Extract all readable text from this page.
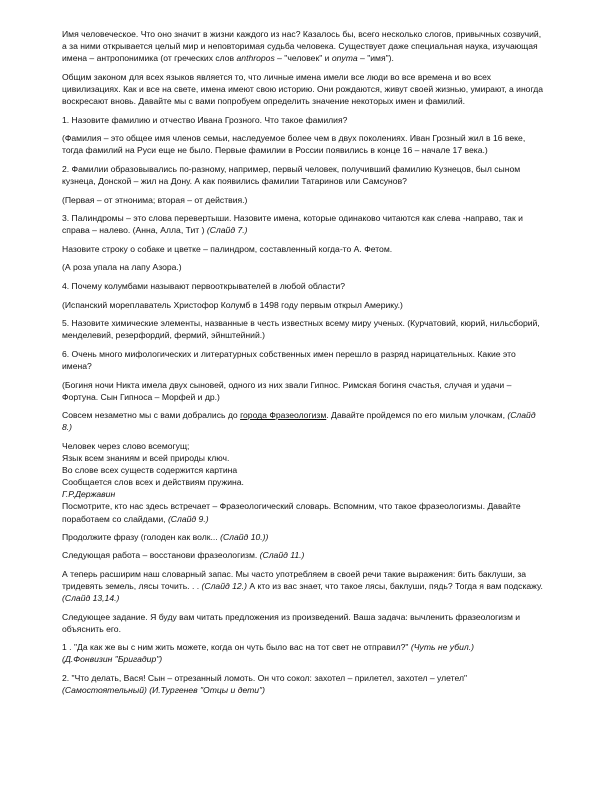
Имя человеческое. Что оно значит в жизни каждого из нас? Казалось бы, всего несколько слогов, привычных созвучий, а за ними открывается целый мир и неповторимая судьба человека. Существует даже специальная наука, изучающая имена – антропонимика (от греческих слов anthropos – "человек" и onyma – "имя").

Общим законом для всех языков является то, что личные имена имели все люди во все времена и во всех цивилизациях. Как и все на свете, имена имеют свою историю. Они рождаются, живут своей жизнью, умирают, а иногда воскресают вновь. Давайте мы с вами попробуем определить значение некоторых имен и фамилий.

1. Назовите фамилию и отчество Ивана Грозного. Что такое фамилия?

(Фамилия – это общее имя членов семьи, наследуемое более чем в двух поколениях. Иван Грозный жил в 16 веке, тогда фамилий на Руси еще не было. Первые фамилии в России появились в конце 16 – начале 17 века.)

2. Фамилии образовывались по-разному, например, первый человек, получивший фамилию Кузнецов, был сыном кузнеца, Донской – жил на Дону. А как появились фамилии Татаринов или Самсунов?

(Первая – от этнонима; вторая – от действия.)

3. Палиндромы – это слова перевертыши. Назовите имена, которые одинаково читаются как слева -направо, так и справа – налево. (Анна, Алла, Тит ) (Слайд 7.)

Назовите строку о собаке и цветке – палиндром, составленный когда-то А. Фетом.

(А роза упала на лапу Азора.)

4. Почему колумбами называют первооткрывателей в любой области?

(Испанский мореплаватель Христофор Колумб в 1498 году первым открыл Америку.)

5. Назовите химические элементы, названные в честь известных всему миру ученых. (Курчатовий, кюрий, нильсборий, менделевий, резерфордий, фермий, эйнштейний.)

6. Очень много мифологических и литературных собственных имен перешло в разряд нарицательных. Какие это имена?

(Богиня ночи Никта имела двух сыновей, одного из них звали Гипнос. Римская богиня счастья, случая и удачи – Фортуна. Сын Гипноса – Морфей и др.)

Совсем незаметно мы с вами добрались до города Фразеологизм. Давайте пройдемся по его милым улочкам, (Слайд 8.)

Человек через слово всемогущ;
Язык всем знаниям и всей природы ключ.
Во слове всех существ содержится картина
Сообщается слов всех и действиям пружина.
Г.Р.Державин
Посмотрите, кто нас здесь встречает – Фразеологический словарь. Вспомним, что такое фразеологизмы. Давайте поработаем со слайдами, (Слайд 9.)

Продолжите фразу (голоден как волк... (Слайд 10.))

Следующая работа – восстанови фразеологизм. (Слайд 11.)

А теперь расширим наш словарный запас. Мы часто употребляем в своей речи такие выражения: бить баклуши, за тридевять земель, лясы точить. . . (Слайд 12.) А кто из вас знает, что такое лясы, баклуши, пядь? Тогда я вам подскажу. (Слайд 13,14.)

Следующее задание. Я буду вам читать предложения из произведений. Ваша задача: вычленить фразеологизм и объяснить его.

1 . "Да как же вы с ним жить можете, когда он чуть было вас на тот свет не отправил?" (Чуть не убил.)
(Д.Фонвизин "Бригадир")

2. "Что делать, Вася! Сын – отрезанный ломоть. Он что сокол: захотел – прилетел, захотел – улетел" (Самостоятельный) (И.Тургенев "Отцы и дети")
